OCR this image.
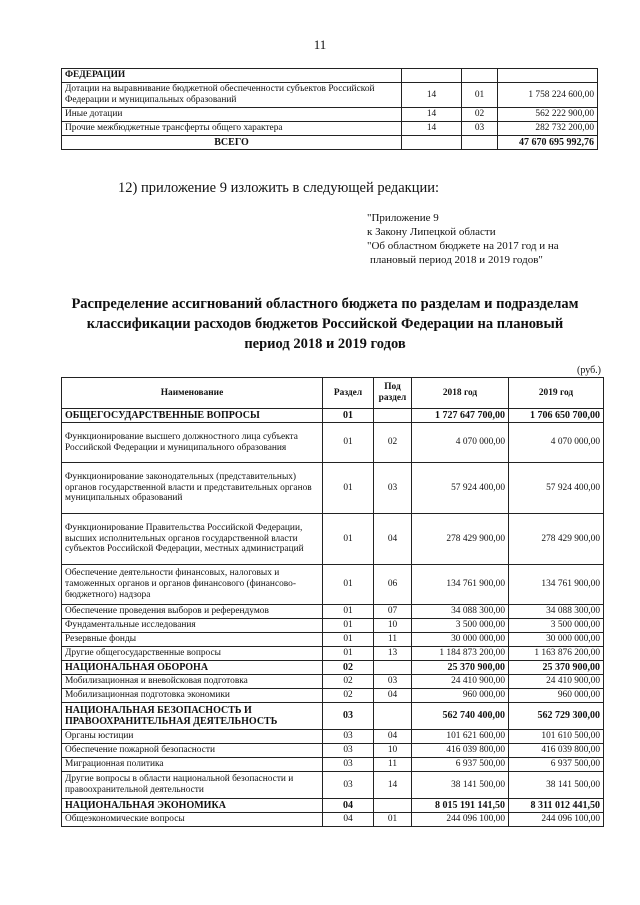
11
ФЕДЕРАЦИИ			
Дотации на выравнивание бюджетной обеспеченности субъектов Российской Федерации и муниципальных образований	14	01	1 758 224 600,00
Иные дотации	14	02	562 222 900,00
Прочие межбюджетные трансферты общего характера	14	03	282 732 200,00
ВСЕГО			47 670 695 992,76
12) приложение 9 изложить в следующей редакции:
"Приложение 9
к Закону Липецкой области
"Об областном бюджете на 2017 год и на
плановый период 2018 и 2019 годов"
Распределение ассигнований областного бюджета по разделам и подразделам
классификации расходов бюджетов Российской Федерации на плановый
период 2018 и 2019 годов
(руб.)
Наименование	Раздел	Под раздел	2018 год	2019 год
ОБЩЕГОСУДАРСТВЕННЫЕ ВОПРОСЫ	01		1 727 647 700,00	1 706 650 700,00
Функционирование высшего должностного лица субъекта Российской Федерации и муниципального образования	01	02	4 070 000,00	4 070 000,00
Функционирование законодательных (представительных) органов государственной власти и представительных органов муниципальных образований	01	03	57 924 400,00	57 924 400,00
Функционирование Правительства Российской Федерации, высших исполнительных органов государственной власти субъектов Российской Федерации, местных администраций	01	04	278 429 900,00	278 429 900,00
Обеспечение деятельности финансовых, налоговых и таможенных органов и органов финансового (финансово-бюджетного) надзора	01	06	134 761 900,00	134 761 900,00
Обеспечение проведения выборов и референдумов	01	07	34 088 300,00	34 088 300,00
Фундаментальные исследования	01	10	3 500 000,00	3 500 000,00
Резервные фонды	01	11	30 000 000,00	30 000 000,00
Другие общегосударственные вопросы	01	13	1 184 873 200,00	1 163 876 200,00
НАЦИОНАЛЬНАЯ ОБОРОНА	02		25 370 900,00	25 370 900,00
Мобилизационная и вневойсковая подготовка	02	03	24 410 900,00	24 410 900,00
Мобилизационная подготовка экономики	02	04	960 000,00	960 000,00
НАЦИОНАЛЬНАЯ БЕЗОПАСНОСТЬ И ПРАВООХРАНИТЕЛЬНАЯ ДЕЯТЕЛЬНОСТЬ	03		562 740 400,00	562 729 300,00
Органы юстиции	03	04	101 621 600,00	101 610 500,00
Обеспечение пожарной безопасности	03	10	416 039 800,00	416 039 800,00
Миграционная политика	03	11	6 937 500,00	6 937 500,00
Другие вопросы в области национальной безопасности и правоохранительной деятельности	03	14	38 141 500,00	38 141 500,00
НАЦИОНАЛЬНАЯ ЭКОНОМИКА	04		8 015 191 141,50	8 311 012 441,50
Общеэкономические вопросы	04	01	244 096 100,00	244 096 100,00
